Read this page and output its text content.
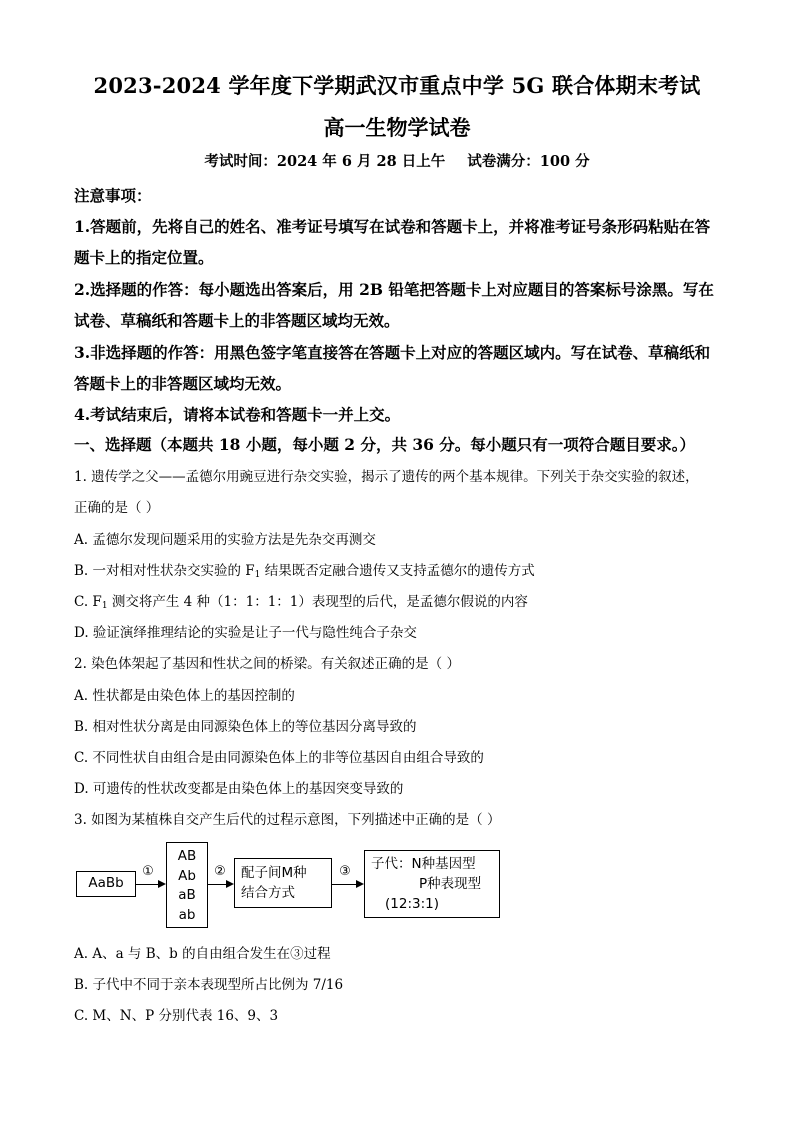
2023-2024 学年度下学期武汉市重点中学 5G 联合体期末考试
高一生物学试卷
考试时间：2024 年 6 月 28 日上午 试卷满分：100 分
注意事项：
1.答题前，先将自己的姓名、准考证号填写在试卷和答题卡上，并将准考证号条形码粘贴在答
题卡上的指定位置。
2.选择题的作答：每小题选出答案后，用 2B 铅笔把答题卡上对应题目的答案标号涂黑。写在
试卷、草稿纸和答题卡上的非答题区域均无效。
3.非选择题的作答：用黑色签字笔直接答在答题卡上对应的答题区域内。写在试卷、草稿纸和
答题卡上的非答题区域均无效。
4.考试结束后，请将本试卷和答题卡一并上交。
一、选择题（本题共 18 小题，每小题 2 分，共 36 分。每小题只有一项符合题目要求。）
1. 遗传学之父——孟德尔用豌豆进行杂交实验，揭示了遗传的两个基本规律。下列关于杂交实验的叙述，
正确的是（ ）
A. 孟德尔发现问题采用的实验方法是先杂交再测交
B. 一对相对性状杂交实验的 $F_1$ 结果既否定融合遗传又支持孟德尔的遗传方式
C. $F_1$ 测交将产生 4 种（1：1：1：1）表现型的后代，是孟德尔假说的内容
D. 验证演绎推理结论的实验是让子一代与隐性纯合子杂交
2. 染色体架起了基因和性状之间的桥梁。有关叙述正确的是（ ）
A. 性状都是由染色体上的基因控制的
B. 相对性状分离是由同源染色体上的等位基因分离导致的
C. 不同性状自由组合是由同源染色体上的非等位基因自由组合导致的
D. 可遗传的性状改变都是由染色体上的基因突变导致的
3. 如图为某植株自交产生后代的过程示意图，下列描述中正确的是（ ）
AaBb
①
AB
Ab
aB
ab
②	配子间M种
结合方式
③	子代：N种基因型
P种表现型
(12:3:1)
A. A、a 与 B、b 的自由组合发生在③过程
B. 子代中不同于亲本表现型所占比例为 7/16
C. M、N、P 分别代表 16、9、3
